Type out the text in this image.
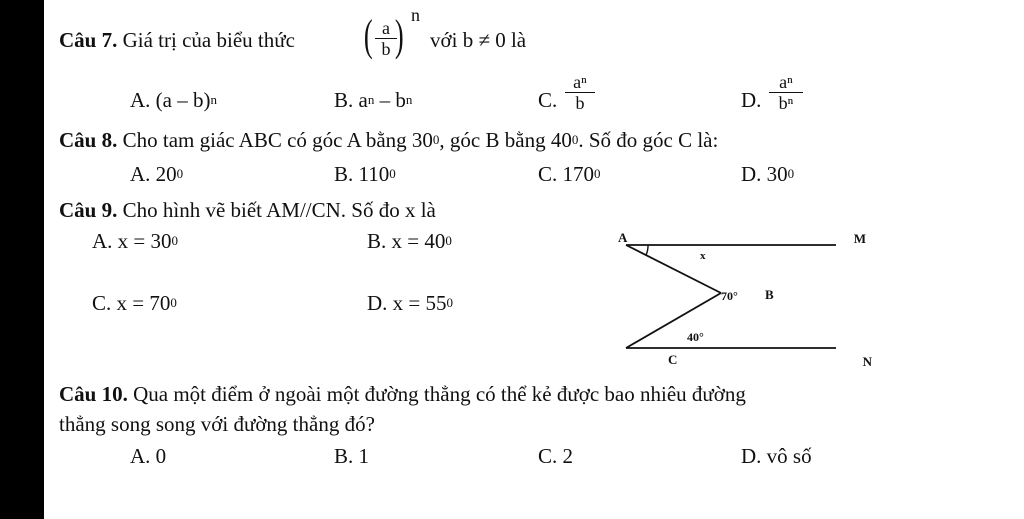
Câu 7. Giá trị của biểu thức ( a
b ) n
với b ≠ 0 là
A. (a – b)$^n$	B. $a^n - b^n$	C.
aⁿ
b	D.
aⁿ
bⁿ
Câu 8. Cho tam giác ABC có góc A bằng $30^0$, góc B bằng $40^0$. Số đo góc C là:
A. $20^0$	B. $110^0$	C. $170^0$	D. $30^0$
Câu 9. Cho hình vẽ biết AM//CN. Số đo x là
A. $x = 30^0$	B. $x = 40^0$
C. $x = 70^0$	D. $x = 55^0$
A	M
x
B
70°
40°
C	N
Câu 10. Qua một điểm ở ngoài một đường thẳng có thể kẻ được bao nhiêu đường
thẳng song song với đường thẳng đó?
A. 0	B. 1	C. 2	D. vô số
